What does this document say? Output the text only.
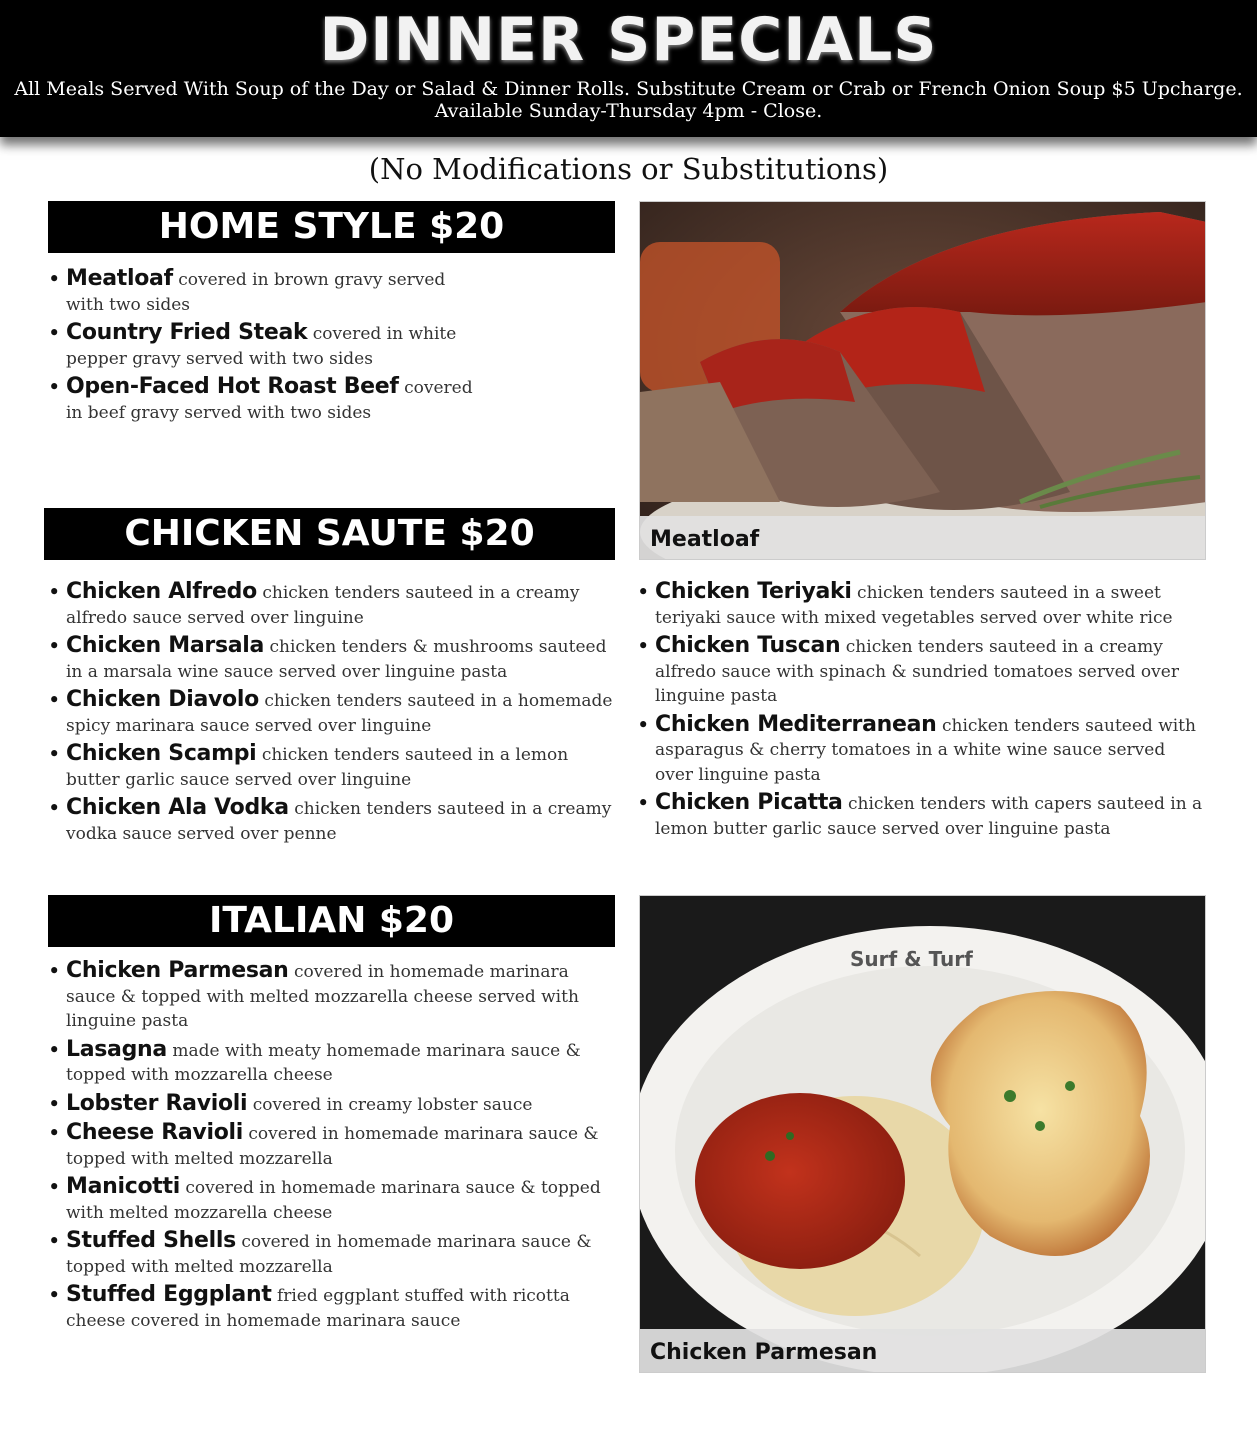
DINNER SPECIALS
All Meals Served With Soup of the Day or Salad & Dinner Rolls. Substitute Cream or Crab or French Onion Soup $5 Upcharge.
Available Sunday-Thursday 4pm - Close.
(No Modifications or Substitutions)
HOME STYLE $20
• Meatloaf covered in brown gravy served with two sides
• Country Fried Steak covered in white pepper gravy served with two sides
• Open-Faced Hot Roast Beef covered in beef gravy served with two sides
Meatloaf
CHICKEN SAUTE $20
• Chicken Alfredo chicken tenders sauteed in a creamy alfredo sauce served over linguine
• Chicken Marsala chicken tenders & mushrooms sauteed in a marsala wine sauce served over linguine pasta
• Chicken Diavolo chicken tenders sauteed in a homemade spicy marinara sauce served over linguine
• Chicken Scampi chicken tenders sauteed in a lemon butter garlic sauce served over linguine
• Chicken Ala Vodka chicken tenders sauteed in a creamy vodka sauce served over penne
• Chicken Teriyaki chicken tenders sauteed in a sweet teriyaki sauce with mixed vegetables served over white rice
• Chicken Tuscan chicken tenders sauteed in a creamy alfredo sauce with spinach & sundried tomatoes served over linguine pasta
• Chicken Mediterranean chicken tenders sauteed with asparagus & cherry tomatoes in a white wine sauce served over linguine pasta
• Chicken Picatta chicken tenders with capers sauteed in a lemon butter garlic sauce served over linguine pasta
ITALIAN $20
• Chicken Parmesan covered in homemade marinara sauce & topped with melted mozzarella cheese served with linguine pasta
• Lasagna made with meaty homemade marinara sauce & topped with mozzarella cheese
• Lobster Ravioli covered in creamy lobster sauce
• Cheese Ravioli covered in homemade marinara sauce & topped with melted mozzarella
• Manicotti covered in homemade marinara sauce & topped with melted mozzarella cheese
• Stuffed Shells covered in homemade marinara sauce & topped with melted mozzarella
• Stuffed Eggplant fried eggplant stuffed with ricotta cheese covered in homemade marinara sauce
Surf & Turf
Chicken Parmesan
